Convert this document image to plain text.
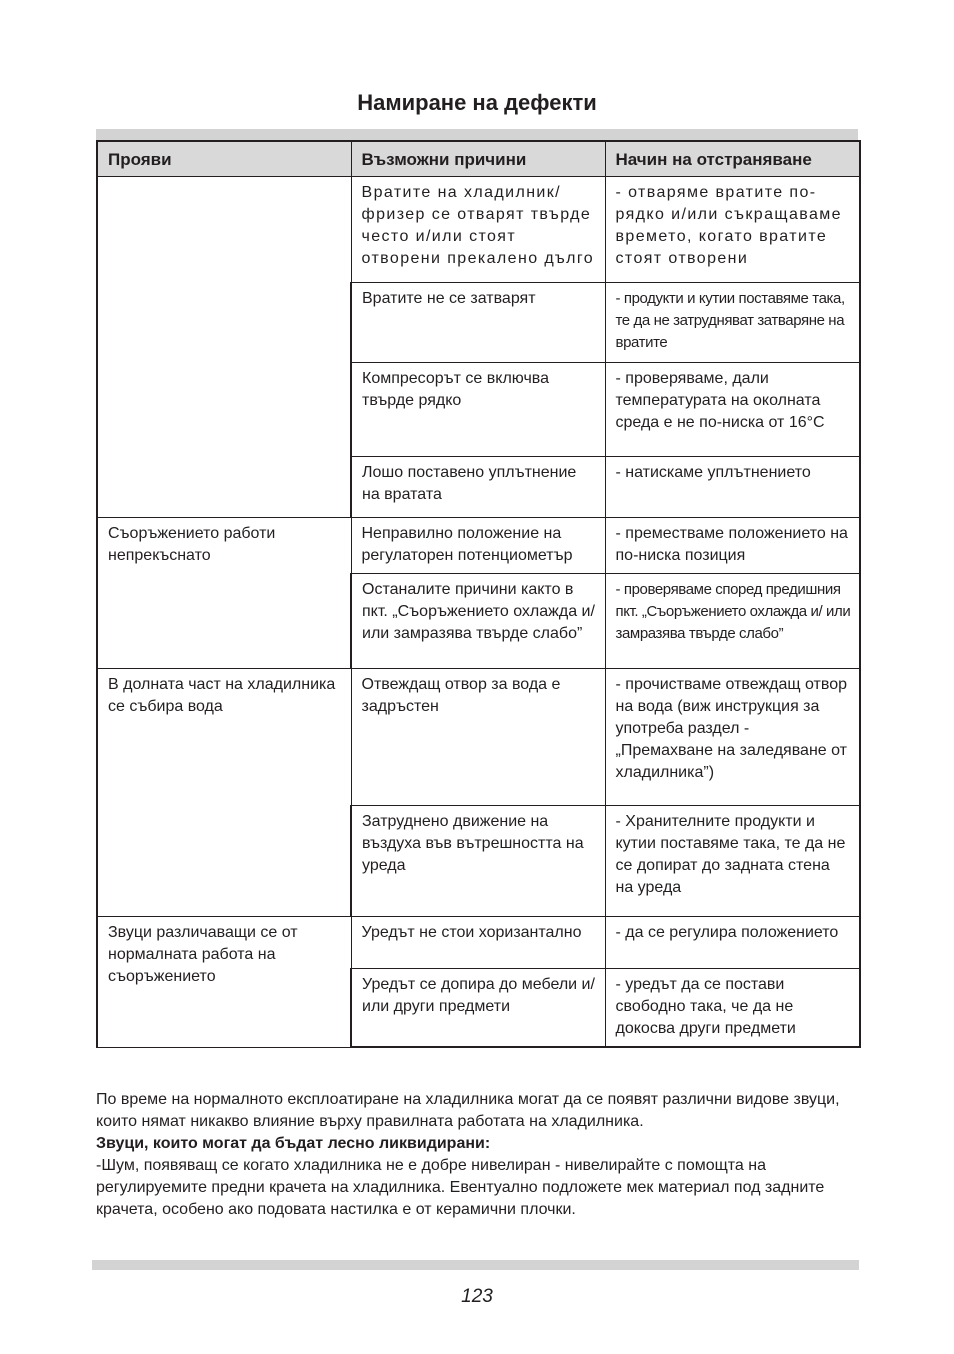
Намиране на дефекти
Прояви	Възможни причини	Начин на отстраняване
	Вратите на хладилник/ фризер се отварят твърде често и/или стоят отворени прекалено дълго	- отваряме вратите по-рядко и/или съкращаваме времето, когато вратите стоят отворени
	Вратите не се затварят	- продукти и кутии поставяме така, те да не затрудняват затваряне на вратите
	Компресорът се включва твърде рядко	- проверяваме, дали температурата на околната среда е не по-ниска от 16°C
	Лошо поставено уплътнение на вратата	- натискаме уплътнението
Съоръжението работи непрекъснато	Неправилно положение на регулаторен потенциометър	- преместваме положението на по-ниска позиция
	Останалите причини както в пкт. „Съоръжението охлажда и/или замразява твърде слабо”	- проверяваме според предишния пкт. „Съоръжението охлажда и/ или замразява твърде слабо”
В долната част на хладилника се събира вода	Отвеждащ отвор за вода е задръстен	- прочистваме отвеждащ отвор на вода (виж инструкция за употреба раздел - „Премахване на заледяване от хладилника”)
	Затруднено движение на въздуха във вътрешността на уреда	- Хранителните продукти и кутии поставяме така, те да не се допират до задната стена на уреда
Звуци различаващи се от нормалната работа на съоръжението	Уредът не стои хоризантално	- да се регулира положението
	Уредът се допира до мебели и/или други предмети	- уредът да се постави свободно така, че да не докосва други предмети

По време на нормалното експлоатиране на хладилника могат да се появят различни видове звуци, които нямат никакво влияние върху правилната работата на хладилника.

Звуци, които могат да бъдат лесно ликвидирани:

-Шум, появяващ се когато хладилника не е добре нивелиран - нивелирайте с помощта на регулируемите предни крачета на хладилника. Евентуално подложете мек материал под задните крачета, особено ако подовата настилка е от керамични плочки.

123
